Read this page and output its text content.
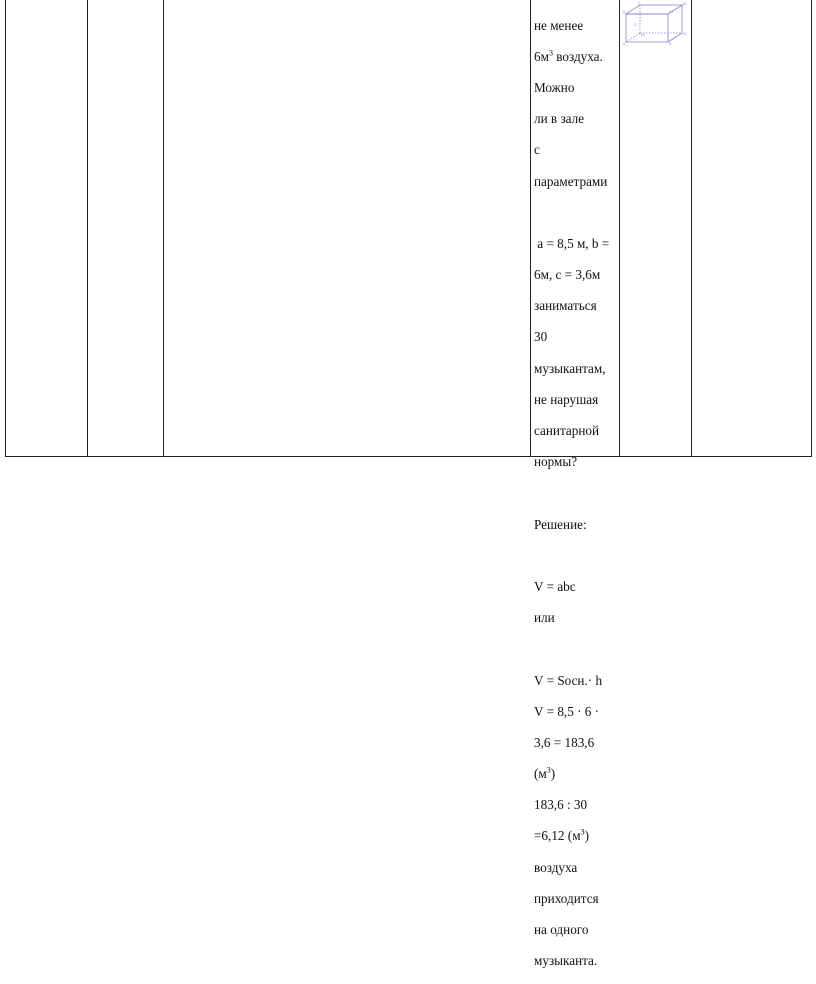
не менее

$6м^3$ воздуха.

Можно

ли в зале

с

параметрами

а = 8,5 м, b =

6м, с = 3,6м

заниматься

30

музыкантам,

не нарушая

санитарной

нормы?

Решение:

V = abc

или

V = Sосн.· h

V = 8,5 · 6 ·

3,6 = 183,6

$(м^3)$

183,6 : 30

=6,12 $(м^3)$

воздуха

приходится

на одного

музыканта.

B
C
A	D
B1
C1
A1
D1
O
